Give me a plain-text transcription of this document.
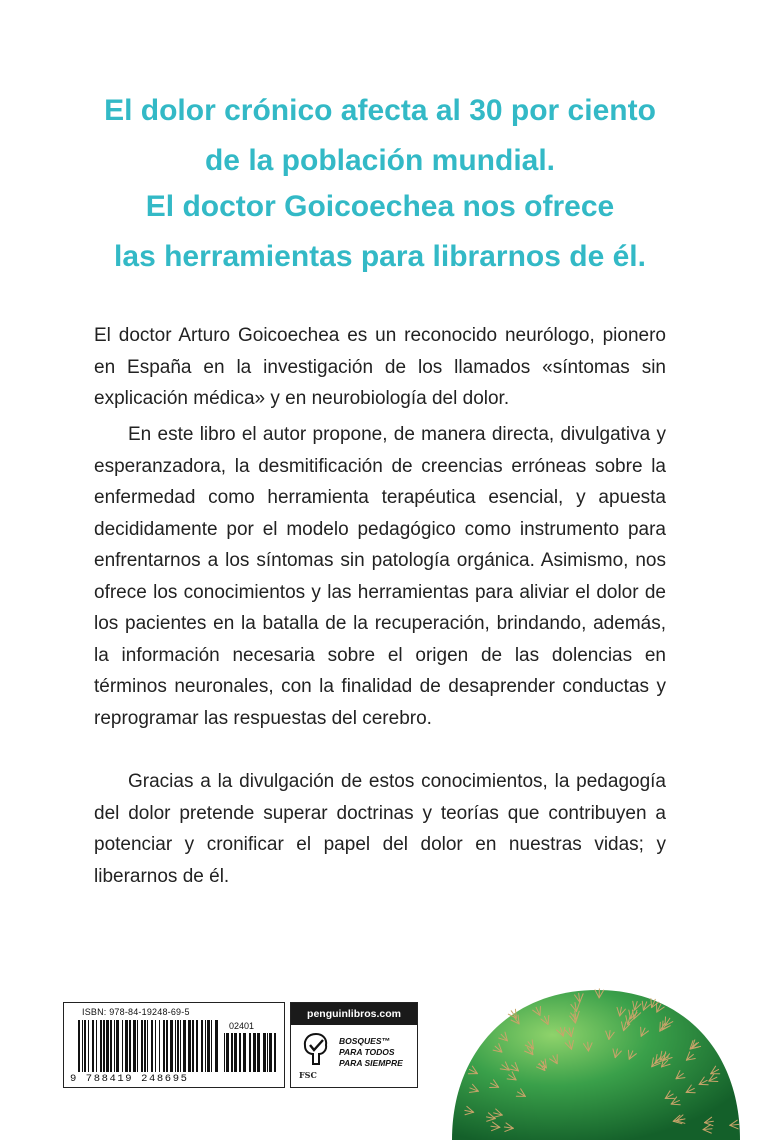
El dolor crónico afecta al 30 por ciento
de la población mundial.
El doctor Goicoechea nos ofrece
las herramientas para librarnos de él.

El doctor Arturo Goicoechea es un reconocido neurólogo, pionero en España en la investigación de los llamados «síntomas sin explicación médica» y en neurobiología del dolor.

En este libro el autor propone, de manera directa, divulgativa y esperanzadora, la desmitificación de creencias erróneas sobre la enfermedad como herramienta terapéutica esencial, y apuesta decididamente por el modelo pedagógico como instrumento para enfrentarnos a los síntomas sin patología orgánica. Asimismo, nos ofrece los conocimientos y las herramientas para aliviar el dolor de los pacientes en la batalla de la recuperación, brindando, además, la información necesaria sobre el origen de las dolencias en términos neuronales, con la finalidad de desaprender conductas y reprogramar las respuestas del cerebro.

Gracias a la divulgación de estos conocimientos, la pedagogía del dolor pretende superar doctrinas y teorías que contribuyen a potenciar y cronificar el papel del dolor en nuestras vidas; y liberarnos de él.

ISBN: 978-84-19248-69-5
02401
9 788419 248695
penguinlibros.com
FSC
BOSQUES™
PARA TODOS
PARA SIEMPRE
